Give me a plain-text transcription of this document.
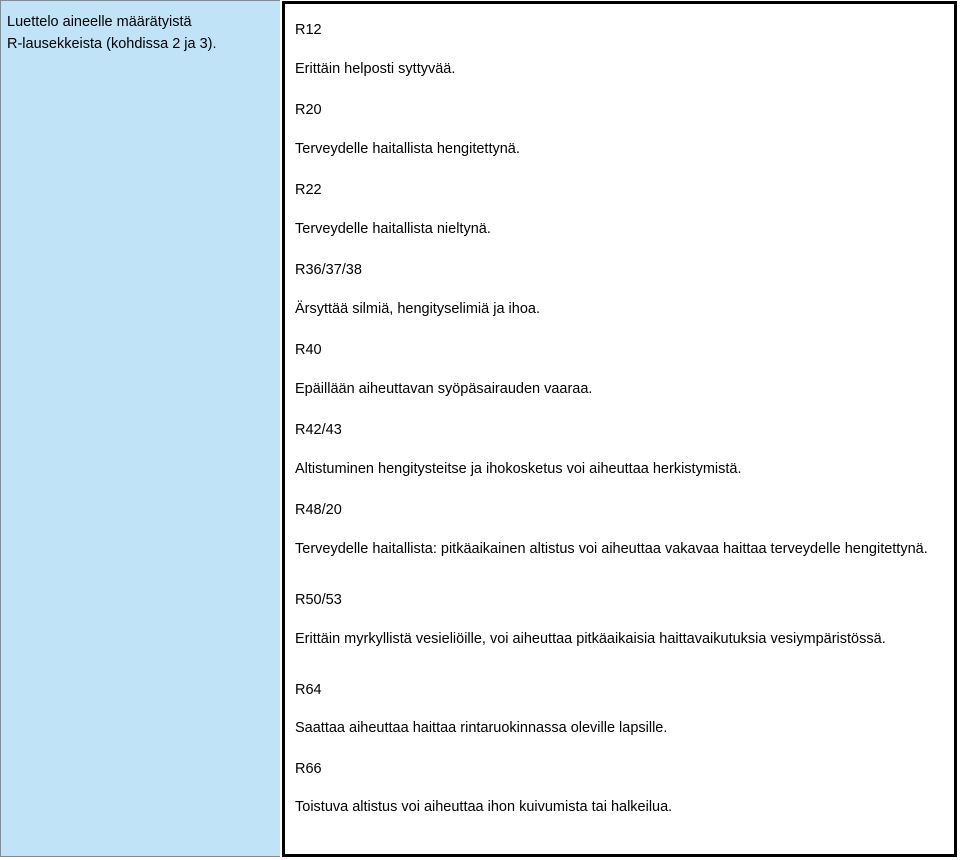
Luettelo aineelle määrätyistä
R-lausekkeista (kohdissa 2 ja 3).

R12

Erittäin helposti syttyvää.

R20

Terveydelle haitallista hengitettynä.

R22

Terveydelle haitallista nieltynä.

R36/37/38

Ärsyttää silmiä, hengityselimiä ja ihoa.

R40

Epäillään aiheuttavan syöpäsairauden vaaraa.

R42/43

Altistuminen hengitysteitse ja ihokosketus voi aiheuttaa herkistymistä.

R48/20

Terveydelle haitallista: pitkäaikainen altistus voi aiheuttaa vakavaa haittaa terveydelle hengitettynä.

R50/53

Erittäin myrkyllistä vesieliöille, voi aiheuttaa pitkäaikaisia haittavaikutuksia vesiympäristössä.

R64

Saattaa aiheuttaa haittaa rintaruokinnassa oleville lapsille.

R66

Toistuva altistus voi aiheuttaa ihon kuivumista tai halkeilua.
